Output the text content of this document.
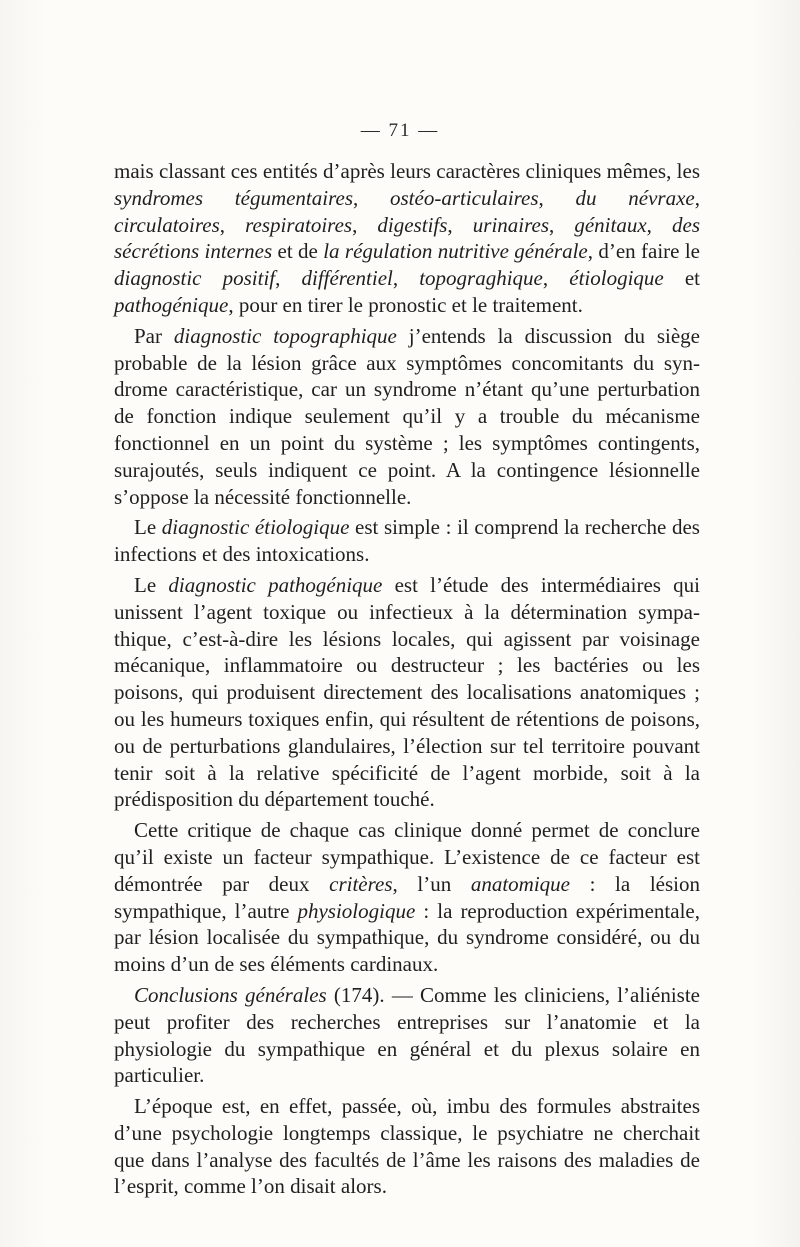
— 71 —

mais classant ces entités d’après leurs caractères cliniques mêmes, les syndromes tégumentaires, ostéo-articulaires, du névraxe, circulatoires, respiratoires, digestifs, urinaires, génitaux, des sécrétions internes et de la régulation nutritive générale, d’en faire le diagnostic positif, différentiel, topograghique, étiologique et pathogénique, pour en tirer le pronostic et le traitement.

Par diagnostic topographique j’entends la discussion du siège probable de la lésion grâce aux symptômes concomitants du syndrome caractéristique, car un syndrome n’étant qu’une perturbation de fonction indique seulement qu’il y a trouble du mécanisme fonctionnel en un point du système ; les symptômes contingents, surajoutés, seuls indiquent ce point. A la contingence lésionnelle s’oppose la nécessité fonctionnelle.

Le diagnostic étiologique est simple : il comprend la recherche des infections et des intoxications.

Le diagnostic pathogénique est l’étude des intermédiaires qui unissent l’agent toxique ou infectieux à la détermination sympathique, c’est-à-dire les lésions locales, qui agissent par voisinage mécanique, inflammatoire ou destructeur ; les bactéries ou les poisons, qui produisent directement des localisations anatomiques ; ou les humeurs toxiques enfin, qui résultent de rétentions de poisons, ou de perturbations glandulaires, l’élection sur tel territoire pouvant tenir soit à la relative spécificité de l’agent morbide, soit à la prédisposition du département touché.

Cette critique de chaque cas clinique donné permet de conclure qu’il existe un facteur sympathique. L’existence de ce facteur est démontrée par deux critères, l’un anatomique : la lésion sympathique, l’autre physiologique : la reproduction expérimentale, par lésion localisée du sympathique, du syndrome considéré, ou du moins d’un de ses éléments cardinaux.

Conclusions générales (174). — Comme les cliniciens, l’aliéniste peut profiter des recherches entreprises sur l’anatomie et la physiologie du sympathique en général et du plexus solaire en particulier.

L’époque est, en effet, passée, où, imbu des formules abstraites d’une psychologie longtemps classique, le psychiatre ne cherchait que dans l’analyse des facultés de l’âme les raisons des maladies de l’esprit, comme l’on disait alors.
